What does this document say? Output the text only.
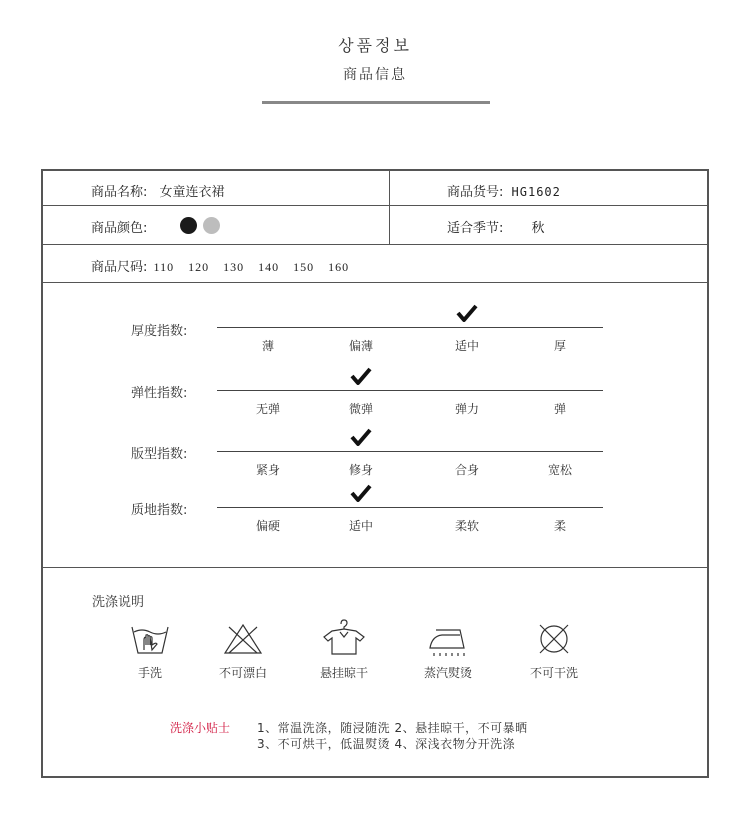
상품정보
商品信息
商品名称: 女童连衣裙	商品货号: HG1602
商品颜色:	适合季节: 秋
商品尺码: 110 120 130 140 150 160
厚度指数:
薄	偏薄	适中	厚
弹性指数:
无弹	微弹	弹力	弹
版型指数:
紧身	修身	合身	宽松
质地指数:
偏硬	适中	柔软	柔
洗涤说明
手洗	不可漂白	悬挂晾干	蒸汽熨烫	不可干洗
洗涤小贴士 1、常温洗涤，随浸随洗 2、悬挂晾干，不可暴晒
3、不可烘干，低温熨烫 4、深浅衣物分开洗涤
